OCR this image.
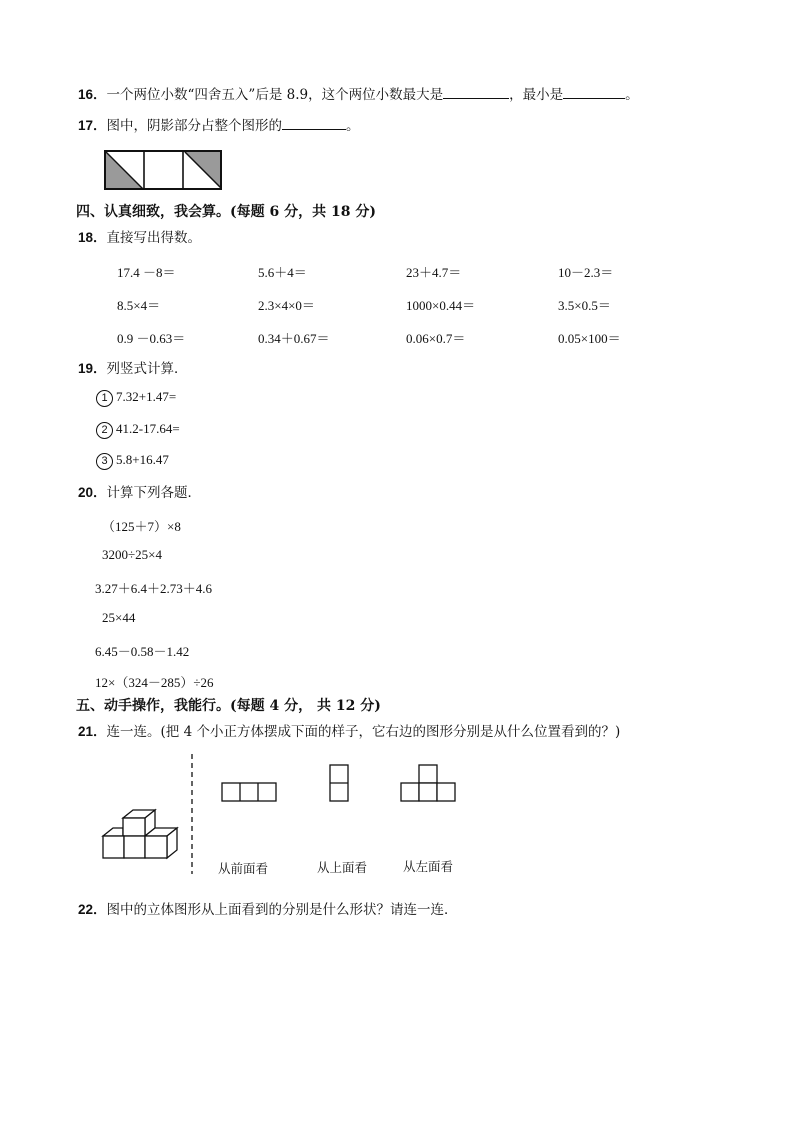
16．一个两位小数“四舍五入”后是 8.9，这个两位小数最大是	，最小是	。
17．图中，阴影部分占整个图形的	。
四、认真细致，我会算。(每题 6 分，共 18 分)
18．直接写出得数。
17.4 －8＝	5.6＋4＝	23＋4.7＝	10－2.3＝
8.5×4＝	2.3×4×0＝	1000×0.44＝	3.5×0.5＝
0.9 －0.63＝	0.34＋0.67＝	0.06×0.7＝	0.05×100＝
19．列竖式计算．
1 7.32+1.47=
2 41.2-17.64=
3 5.8+16.47
20．计算下列各题．
（125＋7）×8
3200÷25×4
3.27＋6.4＋2.73＋4.6
25×44
6.45－0.58－1.42
12×（324－285）÷26
五、动手操作，我能行。(每题 4 分， 共 12 分)
21．连一连。(把 4 个小正方体摆成下面的样子，它右边的图形分别是从什么位置看到的？)
从前面看	从上面看	从左面看
22．图中的立体图形从上面看到的分别是什么形状？请连一连．
